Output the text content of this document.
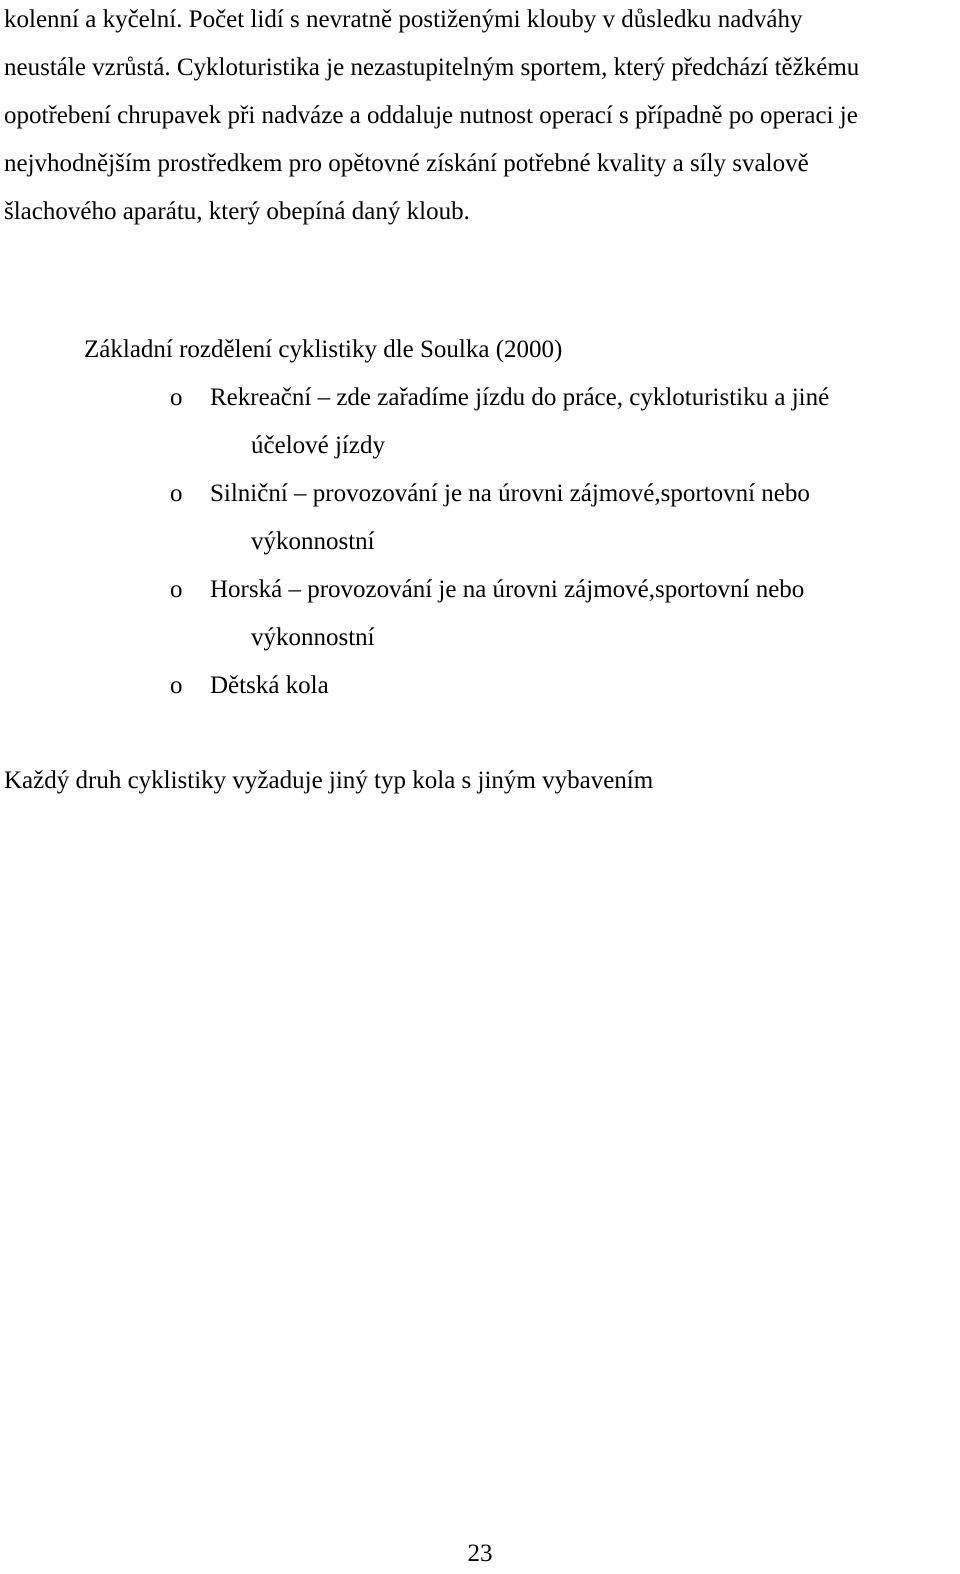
kolenní a kyčelní. Počet lidí s nevratně postiženými klouby v důsledku nadváhy
neustále vzrůstá. Cykloturistika je nezastupitelným sportem, který předchází těžkému
opotřebení chrupavek při nadváze a oddaluje nutnost operací s případně po operaci je
nejvhodnějším prostředkem pro opětovné získání potřebné kvality a síly svalově
šlachového aparátu, který obepíná daný kloub.

Základní rozdělení cyklistiky dle Soulka (2000)

o Rekreační – zde zařadíme jízdu do práce, cykloturistiku a jiné
účelové jízdy
o Silniční – provozování je na úrovni zájmové,sportovní nebo
výkonnostní
o Horská – provozování je na úrovni zájmové,sportovní nebo
výkonnostní
o Dětská kola

Každý druh cyklistiky vyžaduje jiný typ kola s jiným vybavením

23
